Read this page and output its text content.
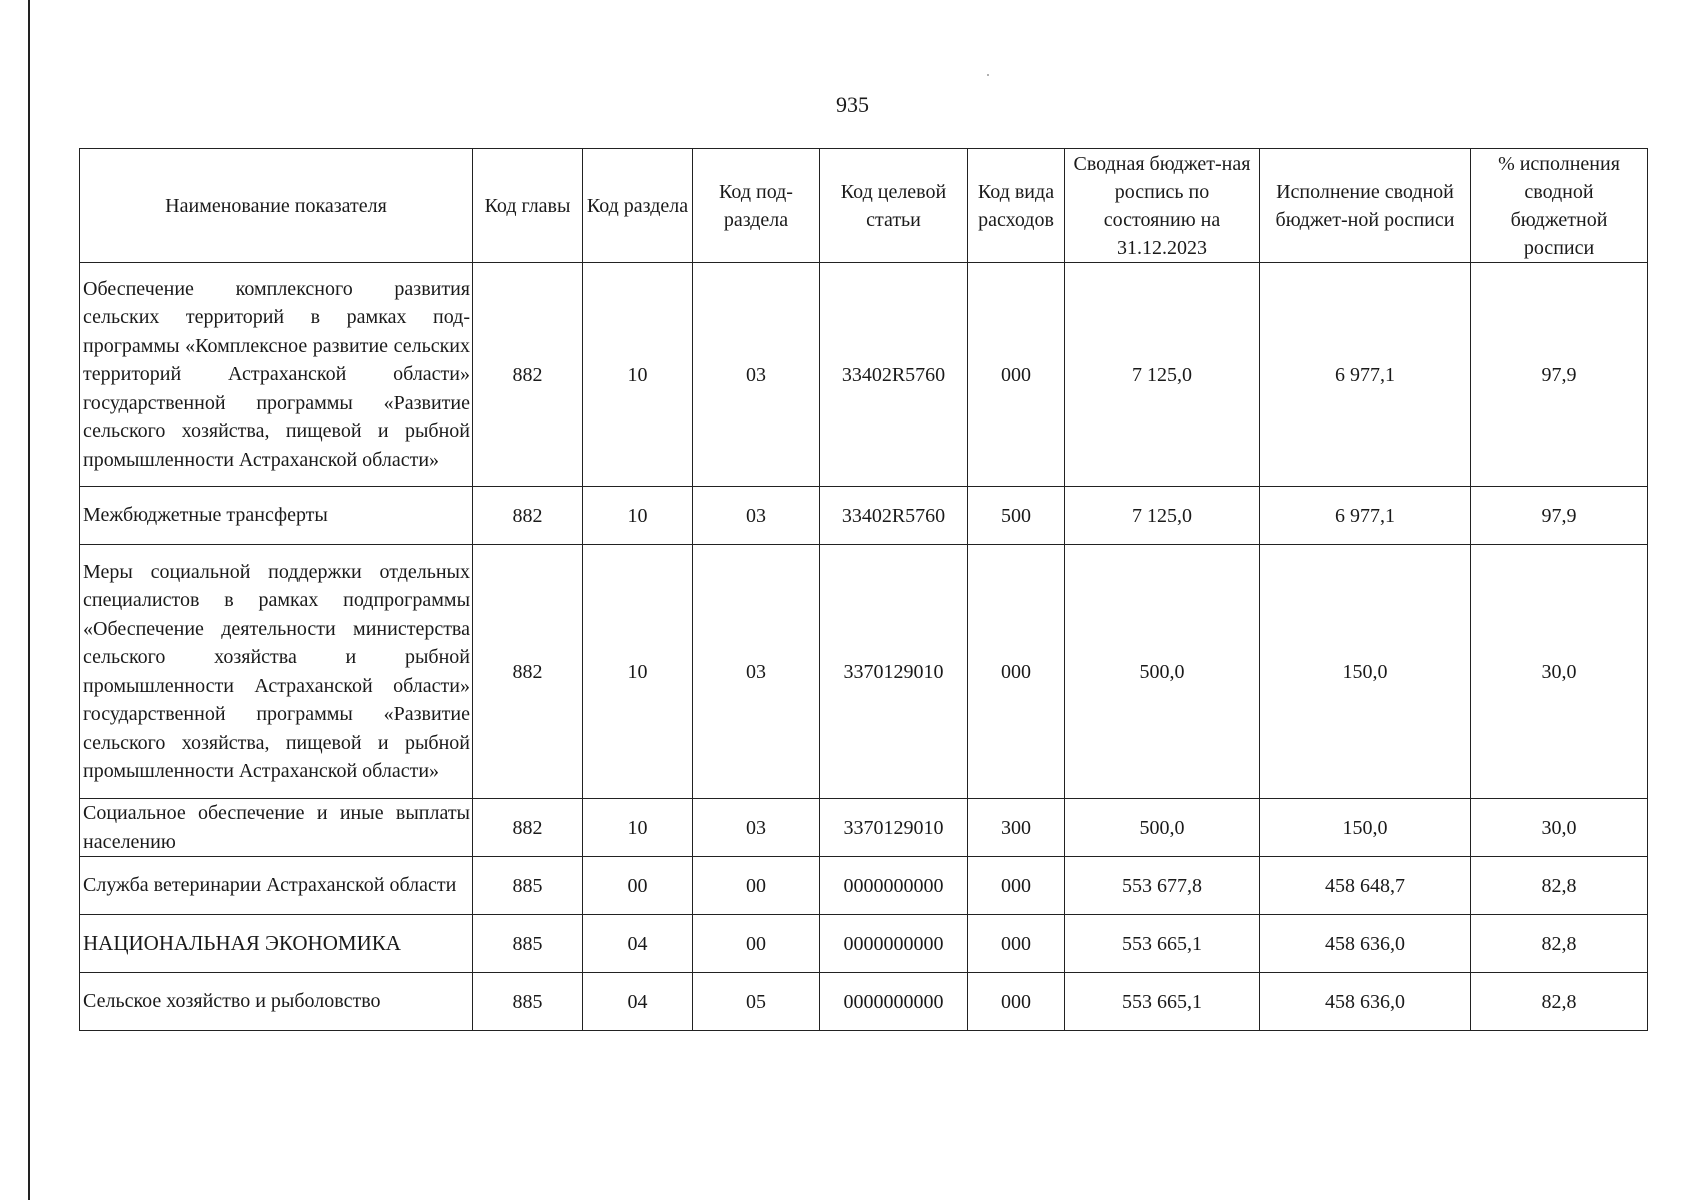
935
Наименование показателя	Код главы	Код раздела	Код под-раздела	Код целевой статьи	Код вида расходов	Сводная бюджет-ная роспись по состоянию на 31.12.2023	Исполнение сводной бюджет-ной росписи	% исполнения сводной бюджетной росписи
Обеспечение комплексного развития сельских территорий в рамках подпрограммы «Комплексное развитие сельских территорий Астраханской области» государственной программы «Развитие сельского хозяйства, пищевой и рыбной промышленности Астраханской области»	882	10	03	33402R5760	000	7 125,0	6 977,1	97,9
Межбюджетные трансферты	882	10	03	33402R5760	500	7 125,0	6 977,1	97,9
Меры социальной поддержки отдельных специалистов в рамках подпрограммы «Обеспечение деятельности министерства сельского хозяйства и рыбной промышленности Астраханской области» государственной программы «Развитие сельского хозяйства, пищевой и рыбной промышленности Астраханской области»	882	10	03	3370129010	000	500,0	150,0	30,0
Социальное обеспечение и иные выплаты населению	882	10	03	3370129010	300	500,0	150,0	30,0
Служба ветеринарии Астраханской области	885	00	00	0000000000	000	553 677,8	458 648,7	82,8
НАЦИОНАЛЬНАЯ ЭКОНОМИКА	885	04	00	0000000000	000	553 665,1	458 636,0	82,8
Сельское хозяйство и рыболовство	885	04	05	0000000000	000	553 665,1	458 636,0	82,8
